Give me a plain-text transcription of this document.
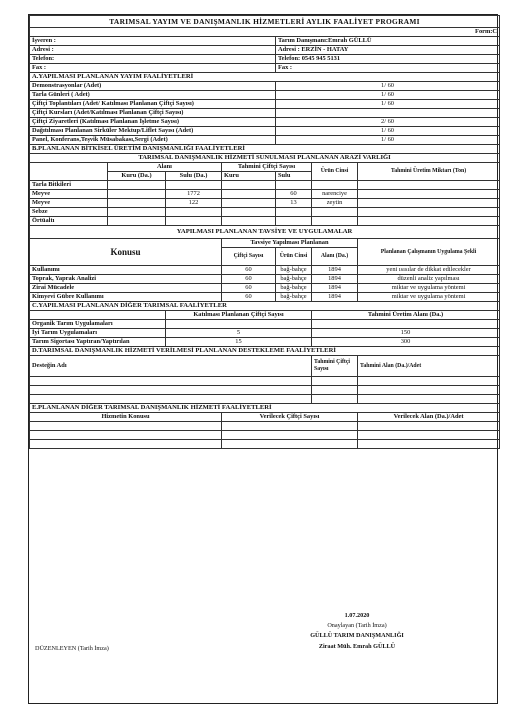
TARIMSAL YAYIM VE DANIŞMANLIK HİZMETLERİ AYLIK FAALİYET PROGRAMI						
Form:C						
İşveren :				Tarım Danışmanı:Emrah GÜLLÜ		
Adresi :				Adresi : ERZİN - HATAY		
Telefon:				Telefon: 0545 945 5131		
Fax :				Fax :		
A.YAPILMASI PLANLANAN YAYIM FAALİYETLERİ						
Demonstrasyonlar (Adet)				1/ 60		
Tarla Günleri ( Adet)				1/ 60		
Çiftçi Toplantıları (Adet/ Katılması Planlanan Çiftçi Sayısı)				1/ 60		
Çiftçi Kursları (Adet/Katılması Planlanan Çiftçi Sayısı)						
Çiftçi Ziyaretleri (Katılması Planlanan İşletme Sayısı)				2/ 60		
Dağıtılması Planlanan Sirküler Mektup/Liflet Sayısı (Adet)				1/ 60		
Panel, Konferans,Teşvik Müsabakası,Sergi (Adet)				1/ 60		
B.PLANLANAN BİTKİSEL ÜRETİM DANIŞMANLIĞI FAALİYETLERİ						
TARIMSAL DANIŞMANLIK HİZMETİ SUNULMASI PLANLANAN ARAZİ VARLIĞI						
	Alanı		Tahmini Çiftçi Sayısı		Ürün Cinsi	Tahmini Üretim Miktarı (Ton)
	Kuru (Da.)	Sulu (Da.)	Kuru	Sulu		
Tarla Bitkileri						
Meyve		1772		60	narenciye	
Meyve		122		13	zeytin	
Sebze						
Örtüaltı						
YAPILMASI PLANLANAN TAVSİYE VE UYGULAMALAR						
Konusu			Tavsiye Yapılması Planlanan			Planlanan Çalışmanın Uygulama Şekli
			Çiftçi Sayısı	Ürün Cinsi	Alanı (Da.)	
Kullanımı			60	bağ-bahçe	1894	yeni ısısılar de dikkat edilecekler
Toprak, Yaprak Analizi			60	bağ-bahçe	1894	düzenli analiz yapılması
Zirai Mücadele			60	bağ-bahçe	1894	miktar ve uygulama yöntemi
Kimyevi Gübre Kullanımı			60	bağ-bahçe	1894	miktar ve uygulama yöntemi
C.YAPILMASI PLANLANAN DİĞER TARIMSAL FAALİYETLER						
		Katılması Planlanan Çiftçi Sayısı			Tahmini Üretim Alanı (Da.)	
Organik Tarım Uygulamaları						
İyi Tarım Uygulamaları		5			150	
Tarım Sigortası Yaptıran/Yaptırılan		15			300	
D.TARIMSAL DANIŞMANLIK HİZMETİ VERİLMESİ PLANLANAN DESTEKLEME FAALİYETLERİ						
Desteğin Adı					Tahmini Çiftçi Sayısı	Tahmini Alan (Da.)/Adet

E.PLANLANAN DİĞER TARIMSAL DANIŞMANLIK HİZMETİ FAALİYETLERİ						
Hizmetin Konusu			Verilecek Çiftçi Sayısı			Verilecek Alan (Da.)/Adet

DÜZENLEYEN (Tarih İmza)
1.07.2020
Onaylayan (Tarih İmza)
GÜLLÜ TARIM DANIŞMANLIĞI
Ziraat Müh. Emrah GÜLLÜ
